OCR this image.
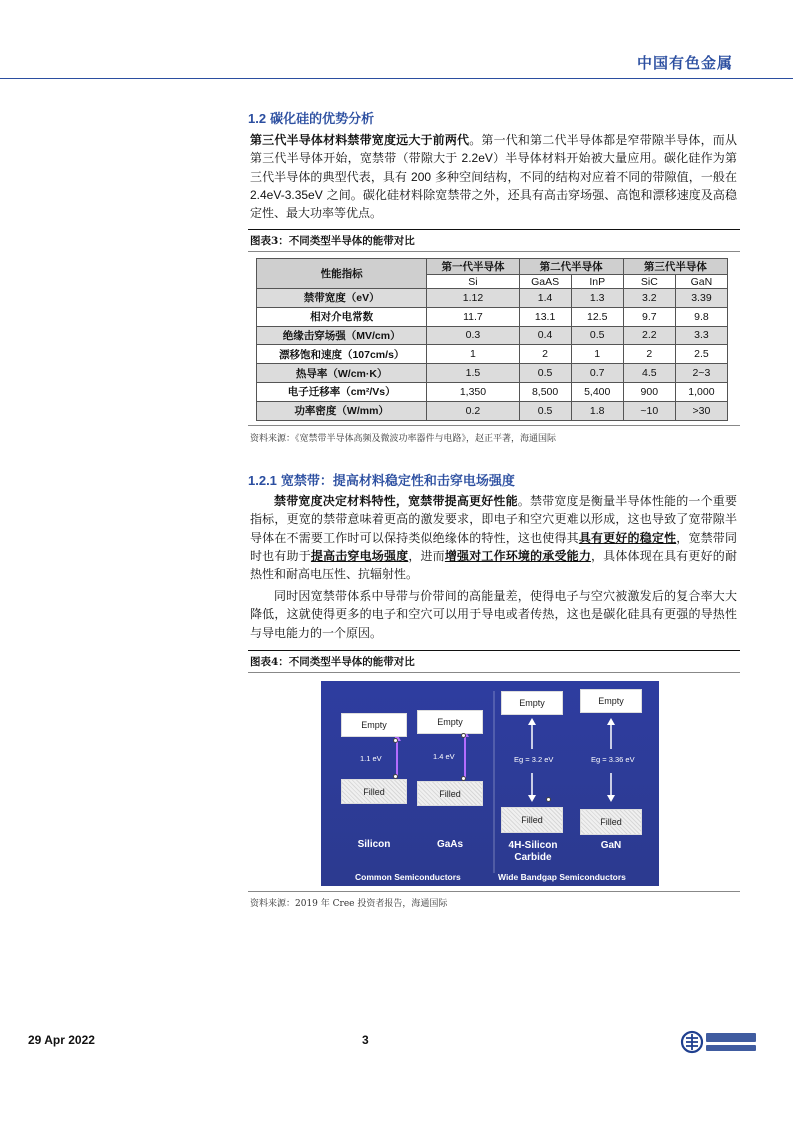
中国有色金属
1.2 碳化硅的优势分析
第三代半导体材料禁带宽度远大于前两代。第一代和第二代半导体都是窄带隙半导体，而从第三代半导体开始，宽禁带（带隙大于 2.2eV）半导体材料开始被大量应用。碳化硅作为第三代半导体的典型代表，具有 200 多种空间结构，不同的结构对应着不同的带隙值，一般在 2.4eV-3.35eV 之间。碳化硅材料除宽禁带之外，还具有高击穿场强、高饱和漂移速度及高稳定性、最大功率等优点。
图表3：不同类型半导体的能带对比
性能指标	第一代半导体	第二代半导体		第三代半导体	
	Si	GaAS	InP	SiC	GaN
禁带宽度（eV）	1.12	1.4	1.3	3.2	3.39
相对介电常数	11.7	13.1	12.5	9.7	9.8
绝缘击穿场强（MV/cm）	0.3	0.4	0.5	2.2	3.3
漂移饱和速度（107cm/s）	1	2	1	2	2.5
热导率（W/cm·K）	1.5	0.5	0.7	4.5	2~3
电子迁移率（cm²/Vs）	1,350	8,500	5,400	900	1,000
功率密度（W/mm）	0.2	0.5	1.8	~10	>30
资料来源：《宽禁带半导体高频及微波功率器件与电路》，赵正平著，海通国际
1.2.1 宽禁带：提高材料稳定性和击穿电场强度
禁带宽度决定材料特性，宽禁带提高更好性能。禁带宽度是衡量半导体性能的一个重要指标，更宽的禁带意味着更高的激发要求，即电子和空穴更难以形成，这也导致了宽带隙半导体在不需要工作时可以保持类似绝缘体的特性，这也使得其具有更好的稳定性，宽禁带同时也有助于提高击穿电场强度，进而增强对工作环境的承受能力，具体体现在具有更好的耐热性和耐高电压性、抗辐射性。
同时因宽禁带体系中导带与价带间的高能量差，使得电子与空穴被激发后的复合率大大降低，这就使得更多的电子和空穴可以用于导电或者传热，这也是碳化硅具有更强的导热性与导电能力的一个原因。
图表4：不同类型半导体的能带对比
Empty
1.1 eV
Filled
Silicon
Empty
1.4 eV
Filled
GaAs
Empty
Eg = 3.2 eV
Filled
4H-Silicon
Carbide
Empty
Eg = 3.36 eV
Filled
GaN
Common Semiconductors	Wide Bandgap Semiconductors
资料来源：2019 年 Cree 投资者报告，海通国际
29 Apr 2022	3
